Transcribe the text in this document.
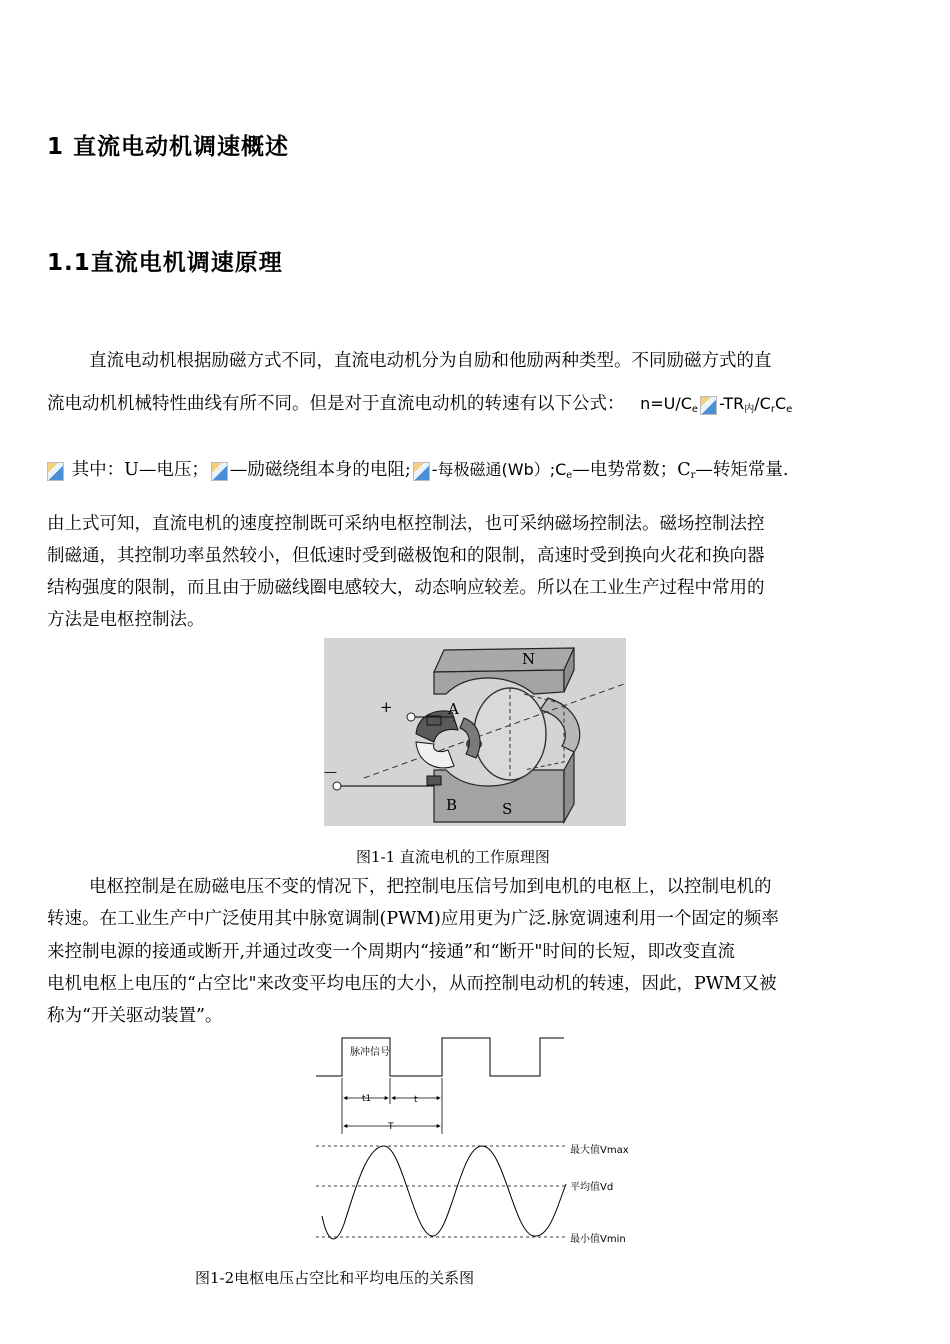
1 直流电动机调速概述
1.1直流电机调速原理
直流电动机根据励磁方式不同，直流电动机分为自励和他励两种类型。不同励磁方式的直
流电动机机械特性曲线有所不同。但是对于直流电动机的转速有以下公式： $n=U/C_e$ $-TR_内/C_rC_e$
其中：U—电压； —励磁绕组本身的电阻; -每极磁通$(Wb);C_e—$电势常数；$C_r—$转矩常量.
由上式可知，直流电机的速度控制既可采纳电枢控制法，也可采纳磁场控制法。磁场控制法控
制磁通，其控制功率虽然较小，但低速时受到磁极饱和的限制，高速时受到换向火花和换向器
结构强度的限制，而且由于励磁线圈电感较大，动态响应较差。所以在工业生产过程中常用的
方法是电枢控制法。
N
S
A
B
+
—
图1-1 直流电机的工作原理图
电枢控制是在励磁电压不变的情况下，把控制电压信号加到电机的电枢上，以控制电机的
转速。在工业生产中广泛使用其中脉宽调制(PWM)应用更为广泛.脉宽调速利用一个固定的频率
来控制电源的接通或断开,并通过改变一个周期内“接通”和“断开"时间的长短，即改变直流
电机电枢上电压的“占空比"来改变平均电压的大小，从而控制电动机的转速，因此，PWM又被
称为“开关驱动装置”。
脉冲信号
t1	t
T
最大值Vmax
平均值Vd
最小值Vmin
图1-2电枢电压占空比和平均电压的关系图
